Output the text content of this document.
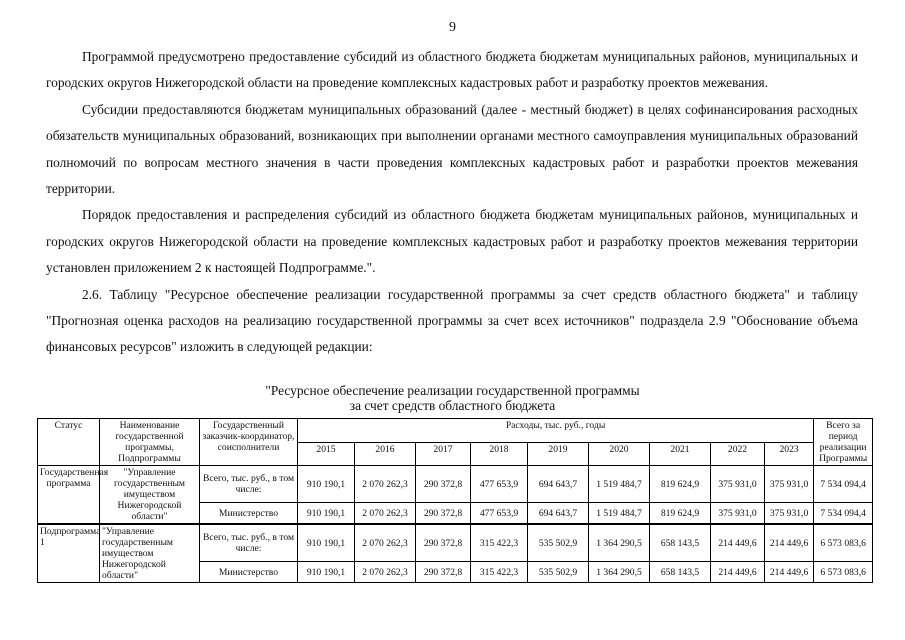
9

Программой предусмотрено предоставление субсидий из областного бюджета бюджетам муниципальных районов, муниципальных и городских округов Нижегородской области на проведение комплексных кадастровых работ и разработку проектов межевания.

Субсидии предоставляются бюджетам муниципальных образований (далее - местный бюджет) в целях софинансирования расходных обязательств муниципальных образований, возникающих при выполнении органами местного самоуправления муниципальных образований полномочий по вопросам местного значения в части проведения комплексных кадастровых работ и разработки проектов межевания территории.

Порядок предоставления и распределения субсидий из областного бюджета бюджетам муниципальных районов, муниципальных и городских округов Нижегородской области на проведение комплексных кадастровых работ и разработку проектов межевания территории установлен приложением 2 к настоящей Подпрограмме.".

2.6. Таблицу "Ресурсное обеспечение реализации государственной программы за счет средств областного бюджета" и таблицу "Прогнозная оценка расходов на реализацию государственной программы за счет всех источников" подраздела 2.9 "Обоснование объема финансовых ресурсов" изложить в следующей редакции:

"Ресурсное обеспечение реализации государственной программы
за счет средств областного бюджета
Статус	Наименование государственной программы, Подпрограммы	Государственный заказчик-координатор, соисполнители	Расходы, тыс. руб., годы									Всего за период реализации Программы
			2015	2016	2017	2018	2019	2020	2021	2022	2023	
Государственная программа	"Управление государственным имуществом Нижегородской области"	Всего, тыс. руб., в том числе:	910 190,1	2 070 262,3	290 372,8	477 653,9	694 643,7	1 519 484,7	819 624,9	375 931,0	375 931,0	7 534 094,4
		Министерство	910 190,1	2 070 262,3	290 372,8	477 653,9	694 643,7	1 519 484,7	819 624,9	375 931,0	375 931,0	7 534 094,4
Подпрограмма 1	"Управление государственным имуществом Нижегородской области"	Всего, тыс. руб., в том числе:	910 190,1	2 070 262,3	290 372,8	315 422,3	535 502,9	1 364 290,5	658 143,5	214 449,6	214 449,6	6 573 083,6
		Министерство	910 190,1	2 070 262,3	290 372,8	315 422,3	535 502,9	1 364 290,5	658 143,5	214 449,6	214 449,6	6 573 083,6
